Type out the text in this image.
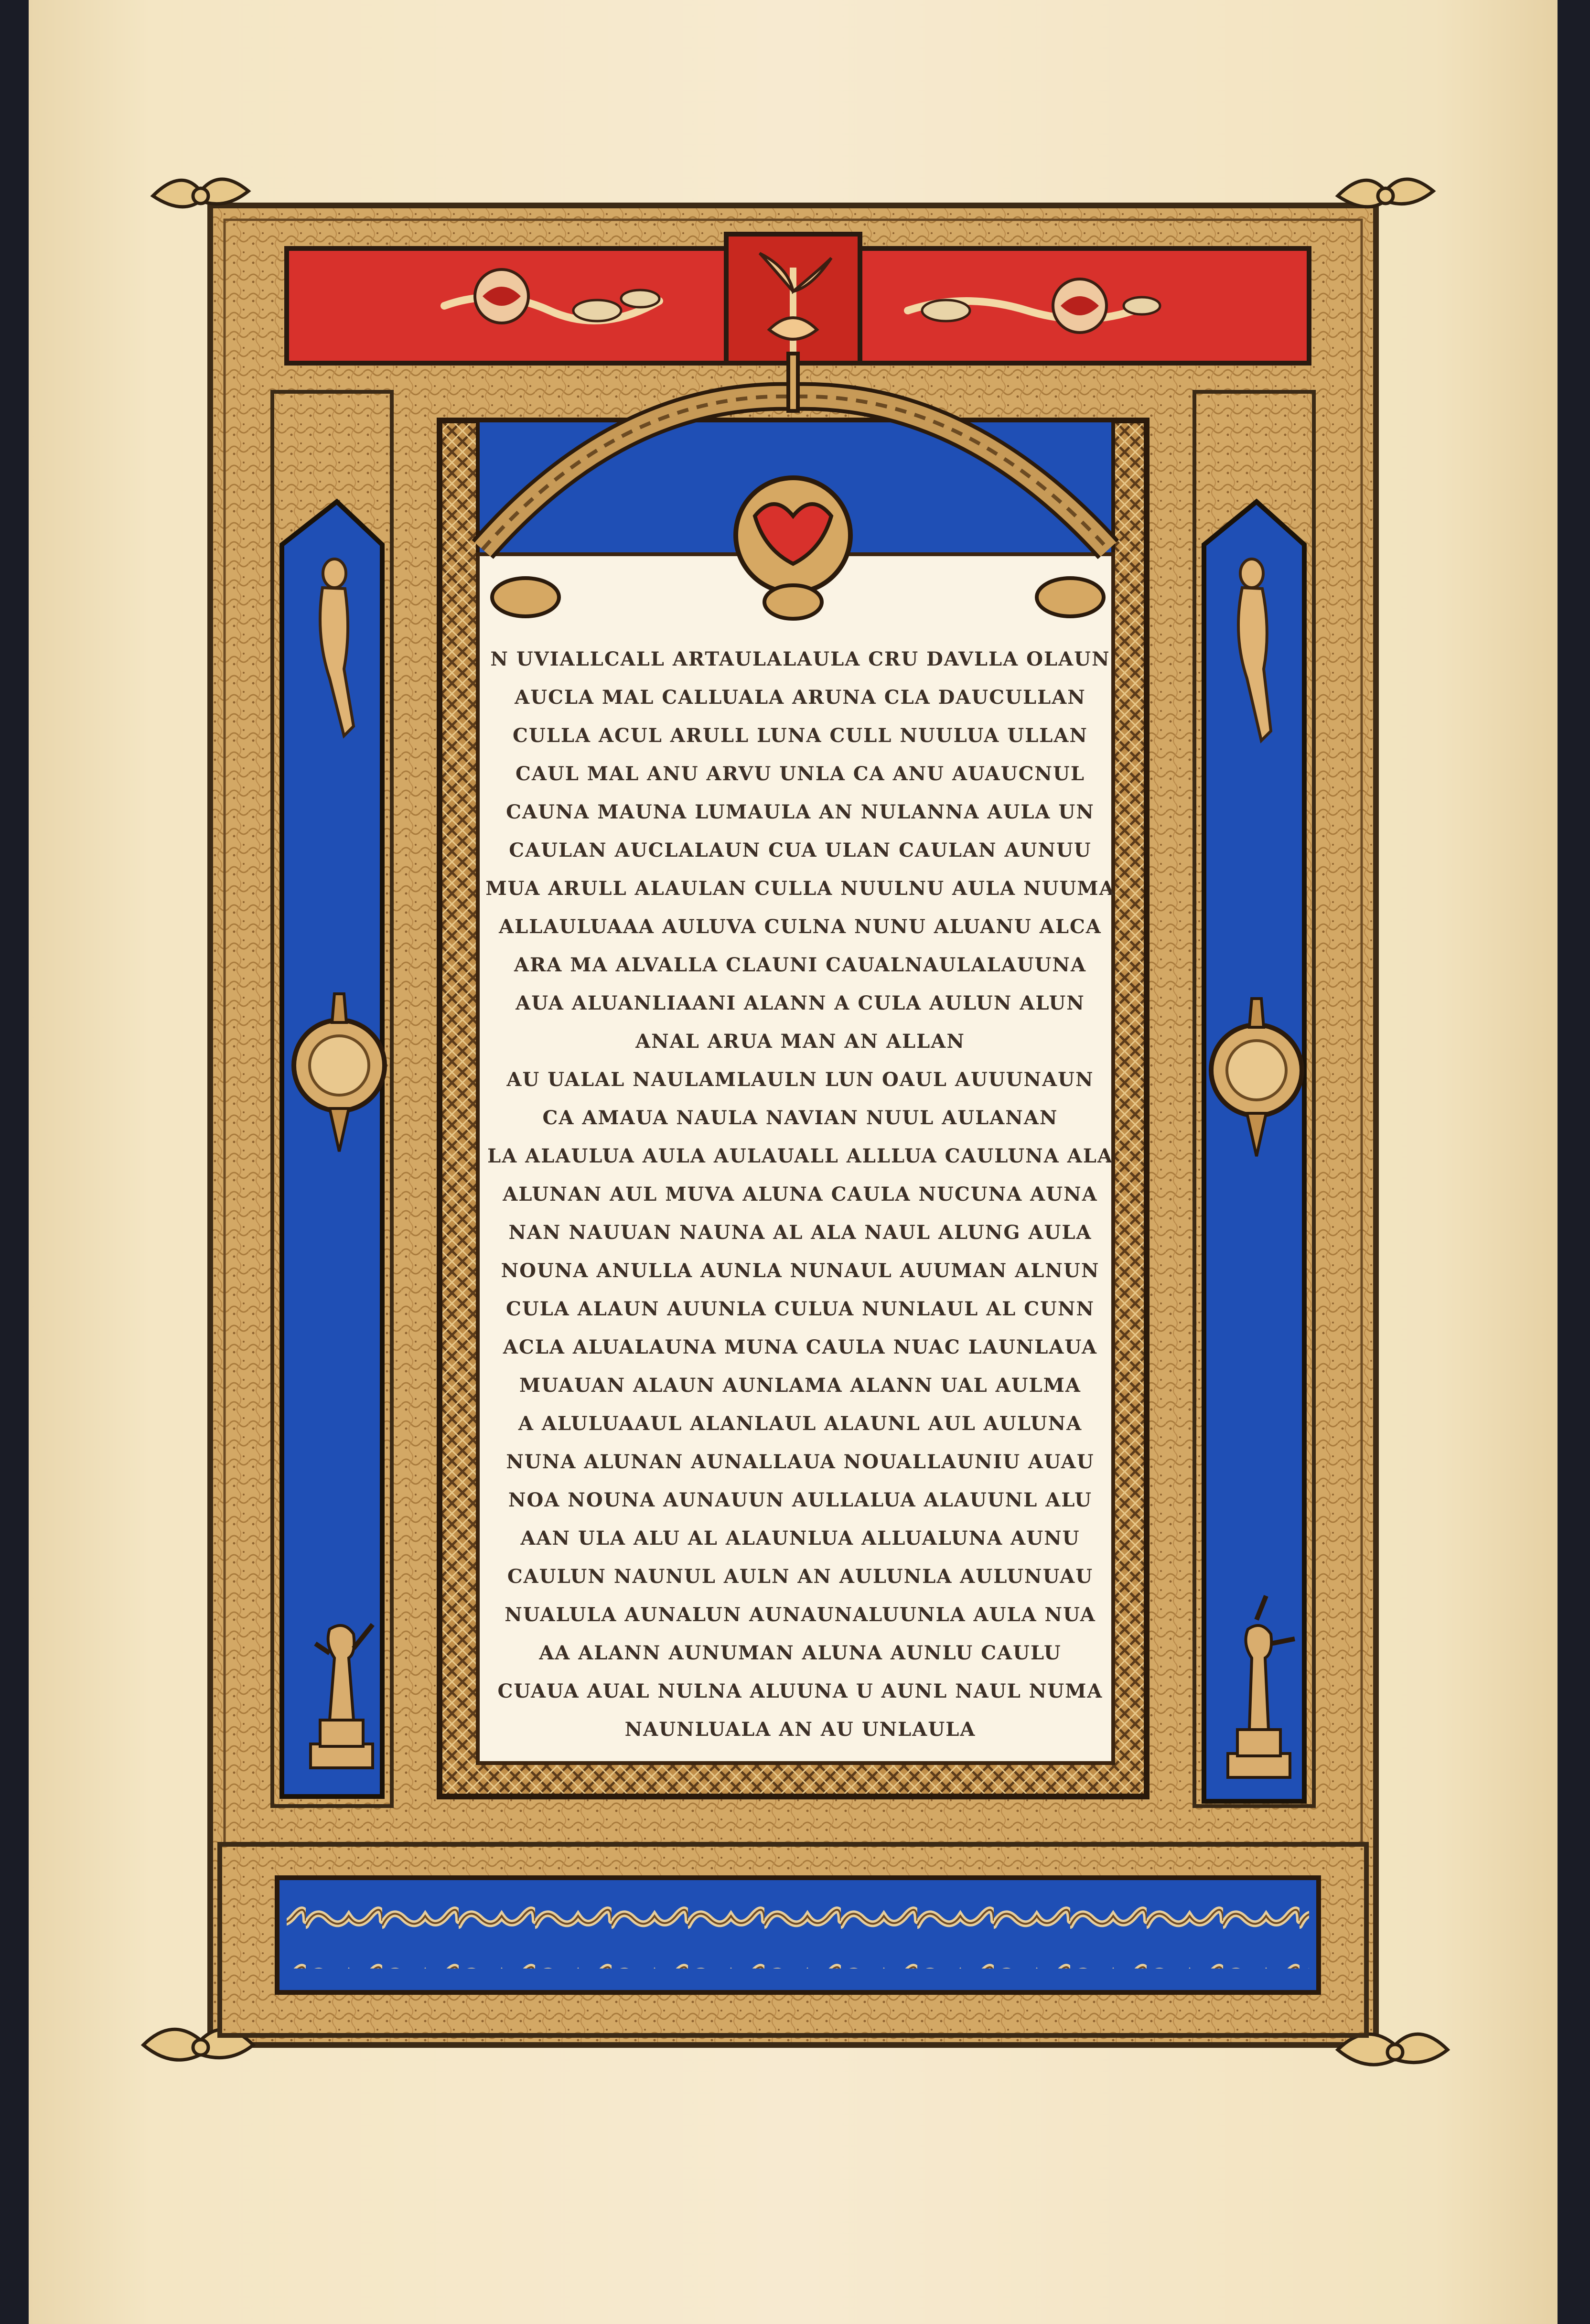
N UVIALLCALL ARTAULALAULA CRU DAVLLA OLAUN
AUCLA MAL CALLUALA ARUNA CLA DAUCULLAN
CULLA ACUL ARULL LUNA CULL NUULUA ULLAN
CAUL MAL ANU ARVU UNLA CA ANU AUAUCNUL
CAUNA MAUNA LUMAULA AN NULANNA AULA UN
CAULAN AUCLALAUN CUA ULAN CAULAN AUNUU
MUA ARULL ALAULAN CULLA NUULNU AULA NUUMA
ALLAULUAAA AULUVA CULNA NUNU ALUANU ALCA
ARA MA ALVALLA CLAUNI CAUALNAULALAUUNA
AUA ALUANLIAANI ALANN A CULA AULUN ALUN
ANAL ARUA MAN AN ALLAN
AU UALAL NAULAMLAULN LUN OAUL AUUUNAUN
CA AMAUA NAULA NAVIAN NUUL AULANAN
LA ALAULUA AULA AULAUALL ALLLUA CAULUNA ALA
ALUNAN AUL MUVA ALUNA CAULA NUCUNA AUNA
NAN NAUUAN NAUNA AL ALA NAUL ALUNG AULA
NOUNA ANULLA AUNLA NUNAUL AUUMAN ALNUN
CULA ALAUN AUUNLA CULUA NUNLAUL AL CUNN
ACLA ALUALAUNA MUNA CAULA NUAC LAUNLAUA
MUAUAN ALAUN AUNLAMA ALANN UAL AULMA
A ALULUAAUL ALANLAUL ALAUNL AUL AULUNA
NUNA ALUNAN AUNALLAUA NOUALLAUNIU AUAU
NOA NOUNA AUNAUUN AULLALUA ALAUUNL ALU
AAN ULA ALU AL ALAUNLUA ALLUALUNA AUNU
CAULUN NAUNUL AULN AN AULUNLA AULUNUAU
NUALULA AUNALUN AUNAUNALUUNLA AULA NUA
AA ALANN AUNUMAN ALUNA AUNLU CAULU
CUAUA AUAL NULNA ALUUNA U AUNL NAUL NUMA
NAUNLUALA AN AU UNLAULA
